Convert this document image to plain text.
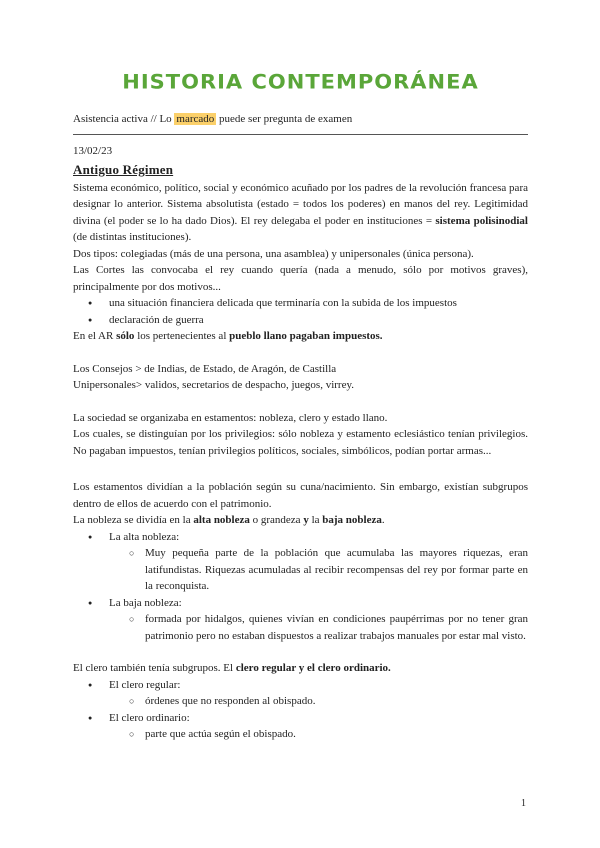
HISTORIA CONTEMPORÁNEA
Asistencia activa // Lo marcado puede ser pregunta de examen
13/02/23
Antiguo Régimen

Sistema económico, político, social y económico acuñado por los padres de la revolución francesa para designar lo anterior. Sistema absolutista (estado = todos los poderes) en manos del rey. Legitimidad divina (el poder se lo ha dado Dios). El rey delegaba el poder en instituciones = sistema polisinodial (de distintas instituciones).

Dos tipos: colegiadas (más de una persona, una asamblea) y unipersonales (única persona).

Las Cortes las convocaba el rey cuando quería (nada a menudo, sólo por motivos graves), principalmente por dos motivos...

● una situación financiera delicada que terminaría con la subida de los impuestos
● declaración de guerra

En el AR sólo los pertenecientes al pueblo llano pagaban impuestos.

Los Consejos > de Indias, de Estado, de Aragón, de Castilla

Unipersonales> validos, secretarios de despacho, juegos, virrey.

La sociedad se organizaba en estamentos: nobleza, clero y estado llano.

Los cuales, se distinguían por los privilegios: sólo nobleza y estamento eclesiástico tenían privilegios. No pagaban impuestos, tenían privilegios políticos, sociales, simbólicos, podían portar armas...

Los estamentos dividían a la población según su cuna/nacimiento. Sin embargo, existían subgrupos dentro de ellos de acuerdo con el patrimonio.

La nobleza se dividía en la alta nobleza o grandeza y la baja nobleza.

● La alta nobleza:
○ Muy pequeña parte de la población que acumulaba las mayores riquezas, eran latifundistas. Riquezas acumuladas al recibir recompensas del rey por formar parte en la reconquista.
● La baja nobleza:
○ formada por hidalgos, quienes vivían en condiciones paupérrimas por no tener gran patrimonio pero no estaban dispuestos a realizar trabajos manuales por estar mal visto.

El clero también tenía subgrupos. El clero regular y el clero ordinario.

● El clero regular:
○ órdenes que no responden al obispado.
● El clero ordinario:
○ parte que actúa según el obispado.
1
